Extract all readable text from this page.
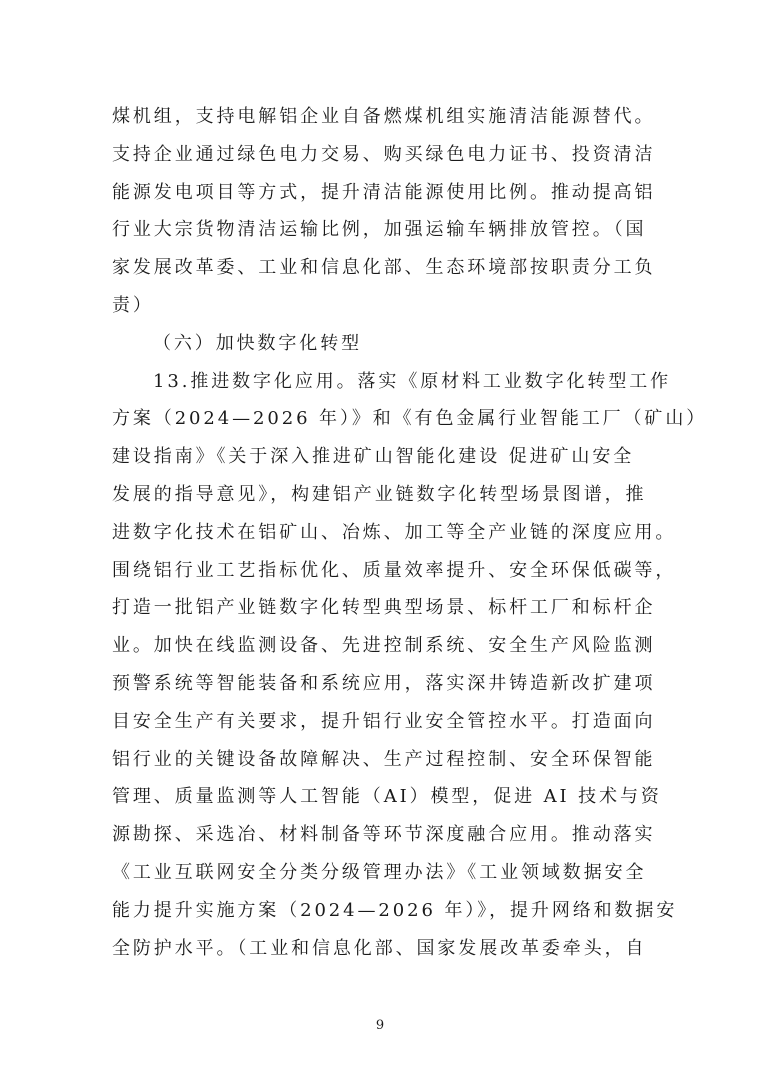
煤机组，支持电解铝企业自备燃煤机组实施清洁能源替代。
支持企业通过绿色电力交易、购买绿色电力证书、投资清洁
能源发电项目等方式，提升清洁能源使用比例。推动提高铝
行业大宗货物清洁运输比例，加强运输车辆排放管控。（国
家发展改革委、工业和信息化部、生态环境部按职责分工负
责）
（六）加快数字化转型
13.推进数字化应用。落实《原材料工业数字化转型工作
方案（2024—2026 年）》和《有色金属行业智能工厂（矿山）
建设指南》《关于深入推进矿山智能化建设 促进矿山安全
发展的指导意见》，构建铝产业链数字化转型场景图谱，推
进数字化技术在铝矿山、冶炼、加工等全产业链的深度应用。
围绕铝行业工艺指标优化、质量效率提升、安全环保低碳等，
打造一批铝产业链数字化转型典型场景、标杆工厂和标杆企
业。加快在线监测设备、先进控制系统、安全生产风险监测
预警系统等智能装备和系统应用，落实深井铸造新改扩建项
目安全生产有关要求，提升铝行业安全管控水平。打造面向
铝行业的关键设备故障解决、生产过程控制、安全环保智能
管理、质量监测等人工智能（AI）模型，促进 AI 技术与资
源勘探、采选冶、材料制备等环节深度融合应用。推动落实
《工业互联网安全分类分级管理办法》《工业领域数据安全
能力提升实施方案（2024—2026 年）》，提升网络和数据安
全防护水平。（工业和信息化部、国家发展改革委牵头，自
9
